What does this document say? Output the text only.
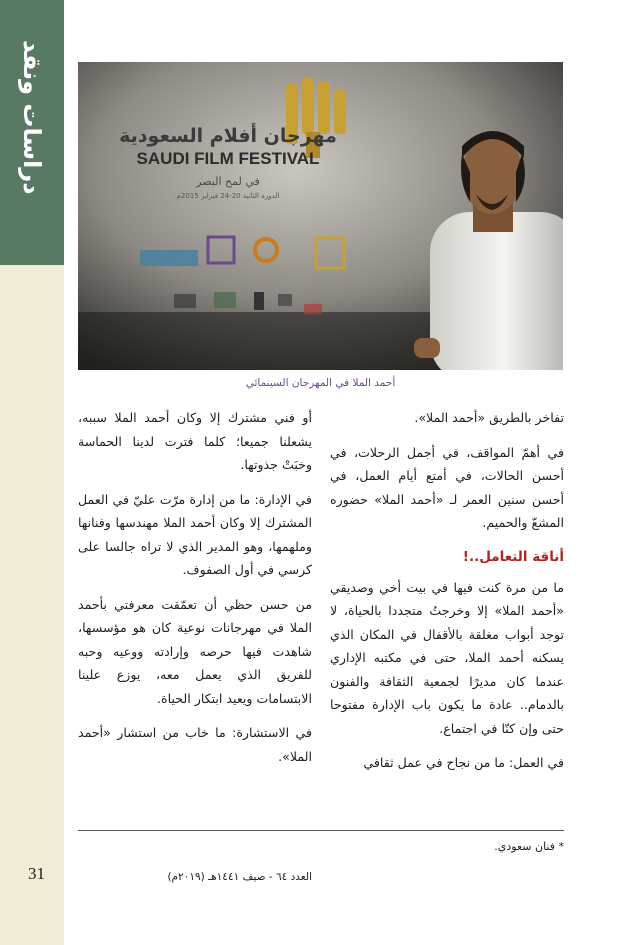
دراسات ونقد
31
مهرجان أفلام السعودية
SAUDI FILM FESTIVAL
في لمح البصر
الدورة الثانية 20-24 فبراير 2015م
أحمد الملا في المهرجان السينمائي

تفاخر بالطريق «أحمد الملا».

في أهمّ المواقف، في أجمل الرحلات، في أحسن الحالات، في أمتع أيام العمل، في أحسن سنين العمر لـ «أحمد الملا» حضوره المشعّ والحميم.

أناقة التعامل..!

ما من مرة كنت فيها في بيت أخي وصديقي «أحمد الملا» إلا وخرجتُ متجددا بالحياة، لا توجد أبواب مغلقة بالأقفال في المكان الذي يسكنه أحمد الملا، حتى في مكتبه الإداري عندما كان مديرًا لجمعية الثقافة والفنون بالدمام.. عادة ما يكون باب الإدارة مفتوحا حتى وإن كنّا في اجتماع.

في العمل: ما من نجاح في عمل ثقافي

أو فني مشترك إلا وكان أحمد الملا سببه، يشعلنا جميعا؛ كلما فترت لدينا الحماسة وخبَتْ جذوتها.

في الإدارة: ما من إدارة مرّت عليّ في العمل المشترك إلا وكان أحمد الملا مهندسها وفنانها وملهمها، وهو المدير الذي لا تراه جالسا على كرسي في أول الصفوف.

من حسن حظي أن تعمّقت معرفتي بأحمد الملا في مهرجانات نوعية كان هو مؤسسها، شاهدت فيها حرصه وإرادته ووعيه وحبه للفريق الذي يعمل معه، يوزع علينا الابتسامات ويعيد ابتكار الحياة.

في الاستشارة: ما خاب من استشار «أحمد الملا».

* فنان سعودي.
العدد ٦٤ - صيف ١٤٤١هـ (٢٠١٩م)
